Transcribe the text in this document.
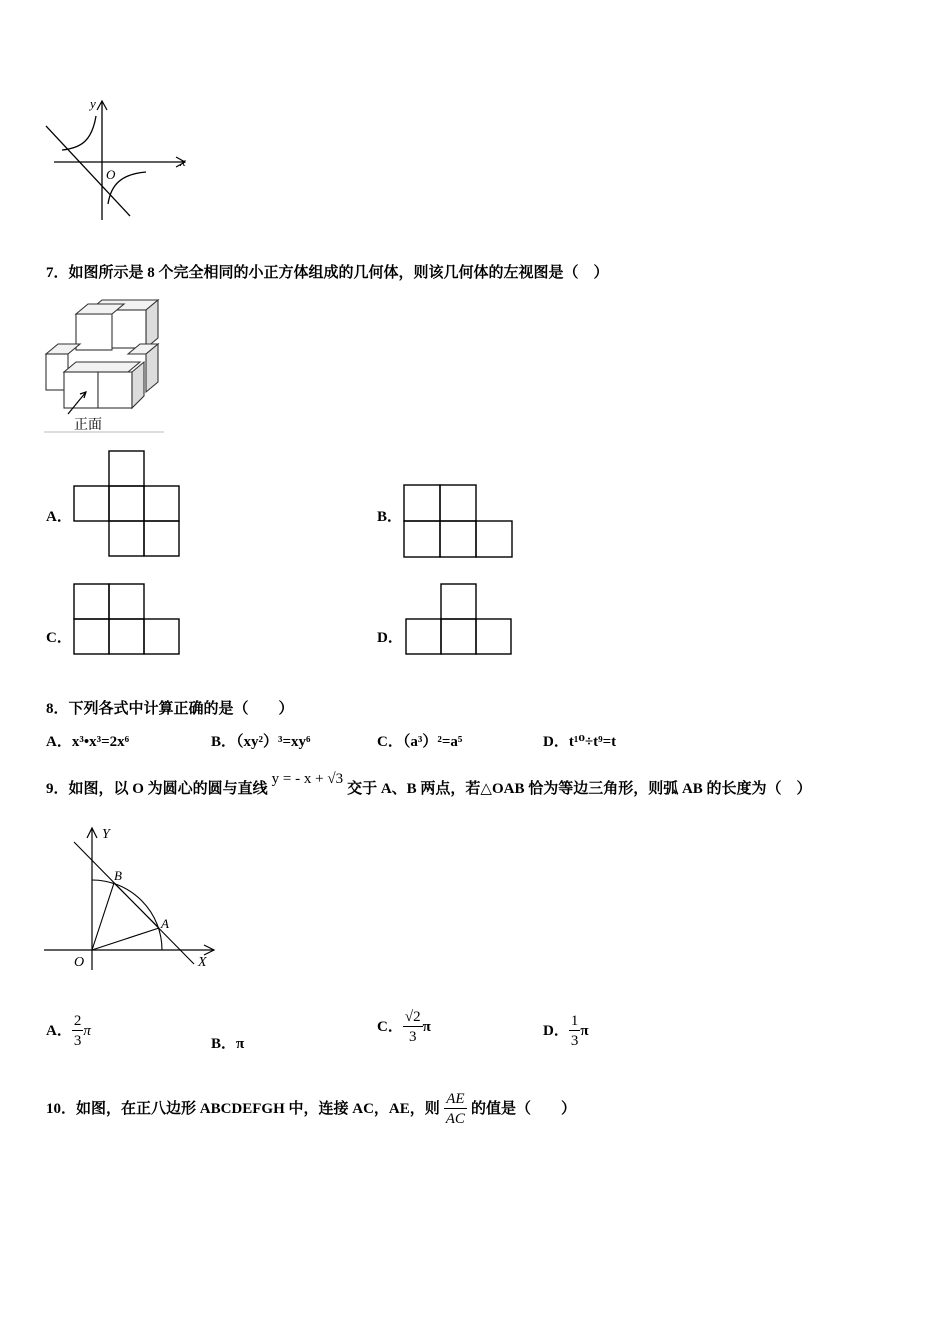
x
y
O
7．如图所示是 8 个完全相同的小正方体组成的几何体，则该几何体的左视图是（　）
正面
A．	B．
C．	D．
8．下列各式中计算正确的是（　　）
A．x³•x³=2x⁶	B．（xy²）³=xy⁶	C．（a³）²=a⁵	D．t¹⁰÷t⁹=t
9．如图，以 O 为圆心的圆与直线y = - x + √3交于 A、B 两点，若△OAB 恰为等边三角形，则弧 AB 的长度为（　）
Y
X
O
B
A
A． $\frac{2}{3}$ π
B．π
C． $\frac{√2}{3}$ π	D． $\frac{1}{3}$ π
10．如图，在正八边形 ABCDEFGH 中，连接 AC，AE，则 $\frac{AE}{AC}$ 的值是（　　）
